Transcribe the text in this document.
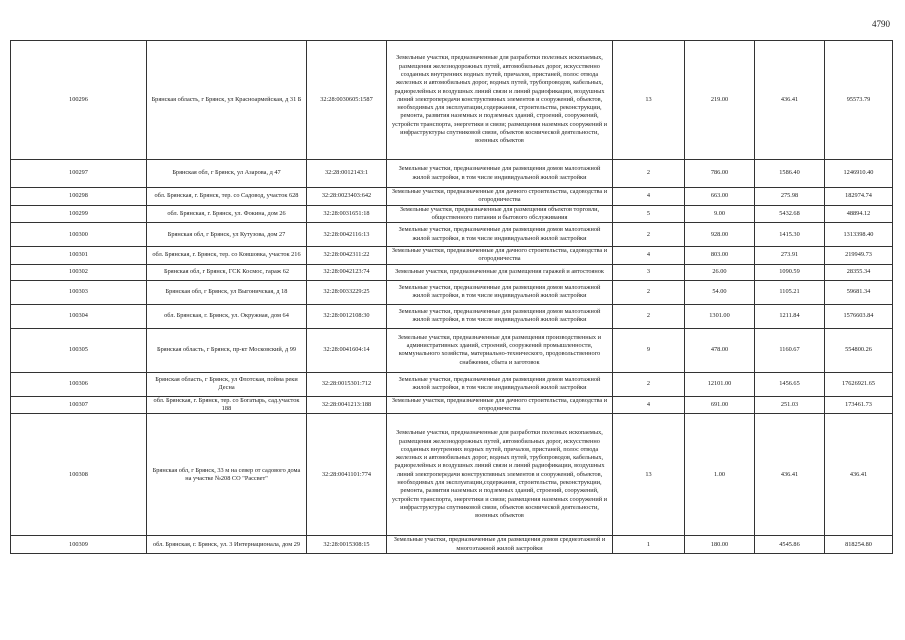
4790
100296	Брянская область, г Брянск, ул Красноармейская, д 31 Б	32:28:0030605:1587	Земельные участки, предназначенные для разработки полезных ископаемых, размещения железнодорожных путей, автомобильных дорог, искусственно созданных внутренних водных путей, причалов, пристаней, полос отвода железных и автомобильных дорог, водных путей, трубопроводов, кабельных, радиорелейных и воздушных линий связи и линий радиофикации, воздушных линий электропередачи конструктивных элементов и сооружений, объектов, необходимых для эксплуатации,содержания, строительства, реконструкции, ремонта, развития наземных и подземных зданий, строений, сооружений, устройств транспорта, энергетики и связи; размещения наземных сооружений и инфраструктуры спутниковой связи, объектов космической деятельности, военных объектов	13	219.00	436.41	95573.79
100297	Брянская обл, г Брянск, ул Азарова, д 47	32:28:0012143:1	Земельные участки, предназначенные для размещения домов малоэтажной жилой застройки, в том числе индивидуальной жилой застройки	2	786.00	1586.40	1246910.40
100298	обл. Брянская, г. Брянск, тер. со Садовод, участок 628	32:28:0023403:642	Земельные участки, предназначенные для дачного строительства, садоводства и огородничества	4	663.00	275.98	182974.74
100299	обл. Брянская, г. Брянск, ул. Фокина, дом 26	32:28:0031651:18	Земельные участки, предназначенные для размещения объектов торговли, общественного питания и бытового обслуживания	5	9.00	5432.68	48894.12
100300	Брянская обл, г Брянск, ул Кутузова, дом 27	32:28:0042116:13	Земельные участки, предназначенные для размещения домов малоэтажной жилой застройки, в том числе индивидуальной жилой застройки	2	928.00	1415.30	1313398.40
100301	обл. Брянская, г. Брянск, тер. со Ковшовка, участок 216	32:28:0042311:22	Земельные участки, предназначенные для дачного строительства, садоводства и огородничества	4	803.00	273.91	219949.73
100302	Брянская обл, г Брянск, ГСК Космос, гараж 62	32:28:0042123:74	Земельные участки, предназначенные для размещения гаражей и автостоянок	3	26.00	1090.59	28355.34
100303	Брянская обл, г Брянск, ул Выгоничская, д 18	32:28:0033229:25	Земельные участки, предназначенные для размещения домов малоэтажной жилой застройки, в том числе индивидуальной жилой застройки	2	54.00	1105.21	59681.34
100304	обл. Брянская, г. Брянск, ул. Окружная, дом 64	32:28:0012108:30	Земельные участки, предназначенные для размещения домов малоэтажной жилой застройки, в том числе индивидуальной жилой застройки	2	1301.00	1211.84	1576603.84
100305	Брянская область, г Брянск, пр-кт Московский, д 99	32:28:0041604:14	Земельные участки, предназначенные для размещения производственных и административных зданий, строений, сооружений промышленности, коммунального хозяйства, материально-технического, продовольственного снабжения, сбыта и заготовок	9	478.00	1160.67	554800.26
100306	Брянская область, г Брянск, ул Флотская, пойма реки Десна	32:28:0015301:712	Земельные участки, предназначенные для размещения домов малоэтажной жилой застройки, в том числе индивидуальной жилой застройки	2	12101.00	1456.65	17626921.65
100307	обл. Брянская, г. Брянск, тер. со Богатырь, сад.участок 188	32:28:0041213:188	Земельные участки, предназначенные для дачного строительства, садоводства и огородничества	4	691.00	251.03	173461.73
100308	Брянская обл, г Брянск, 33 м на север от садового дома на участке №208 СО "Рассвет"	32:28:0041101:774	Земельные участки, предназначенные для разработки полезных ископаемых, размещения железнодорожных путей, автомобильных дорог, искусственно созданных внутренних водных путей, причалов, пристаней, полос отвода железных и автомобильных дорог, водных путей, трубопроводов, кабельных, радиорелейных и воздушных линий связи и линий радиофикации, воздушных линий электропередачи конструктивных элементов и сооружений, объектов, необходимых для эксплуатации,содержания, строительства, реконструкции, ремонта, развития наземных и подземных зданий, строений, сооружений, устройств транспорта, энергетики и связи; размещения наземных сооружений и инфраструктуры спутниковой связи, объектов космической деятельности, военных объектов	13	1.00	436.41	436.41
100309	обл. Брянская, г. Брянск, ул. 3 Интернационала, дом 29	32:28:0015308:15	Земельные участки, предназначенные для размещения домов среднеэтажной и многоэтажной жилой застройки	1	180.00	4545.86	818254.80
